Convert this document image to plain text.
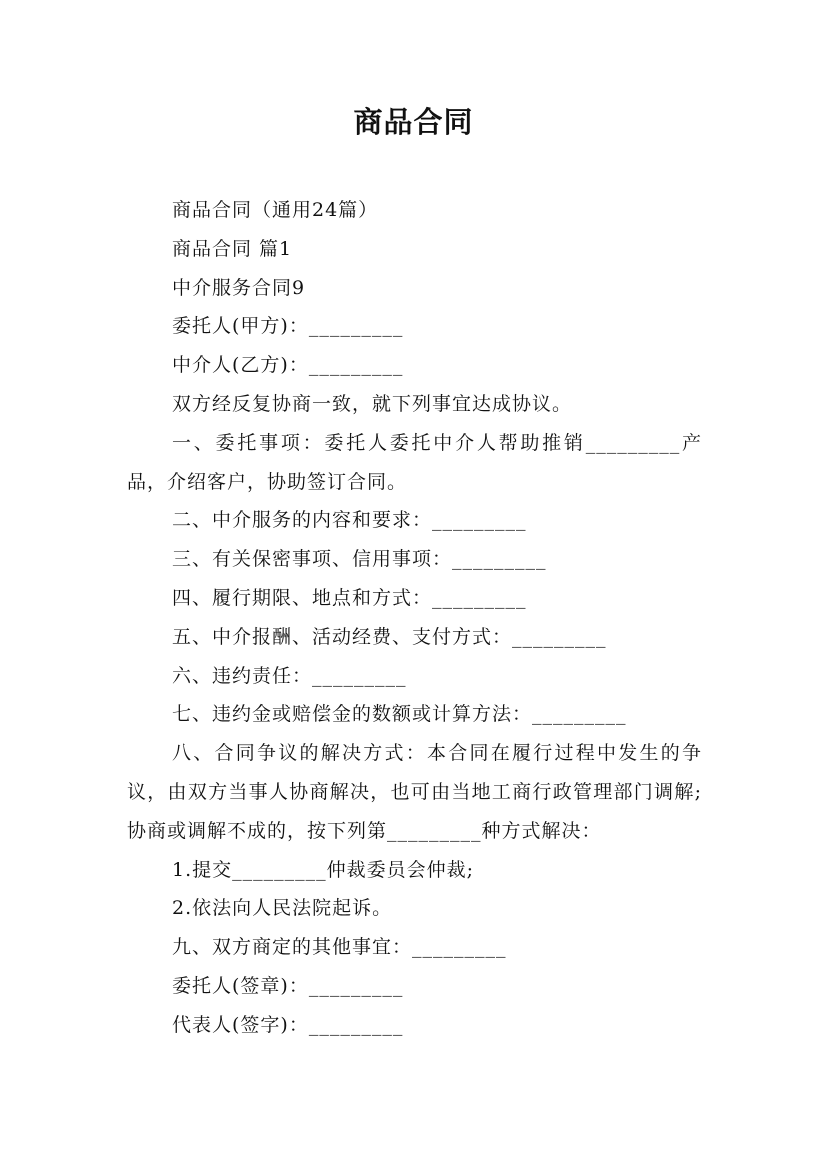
商品合同

商品合同（通用24篇）

商品合同 篇1

中介服务合同9

委托人(甲方)：_________

中介人(乙方)：_________

双方经反复协商一致，就下列事宜达成协议。

一、委托事项：委托人委托中介人帮助推销_________产品，介绍客户，协助签订合同。

二、中介服务的内容和要求：_________

三、有关保密事项、信用事项：_________

四、履行期限、地点和方式：_________

五、中介报酬、活动经费、支付方式：_________

六、违约责任：_________

七、违约金或赔偿金的数额或计算方法：_________

八、合同争议的解决方式：本合同在履行过程中发生的争议，由双方当事人协商解决，也可由当地工商行政管理部门调解;协商或调解不成的，按下列第_________种方式解决：

1.提交_________仲裁委员会仲裁;

2.依法向人民法院起诉。

九、双方商定的其他事宜：_________

委托人(签章)：_________

代表人(签字)：_________
